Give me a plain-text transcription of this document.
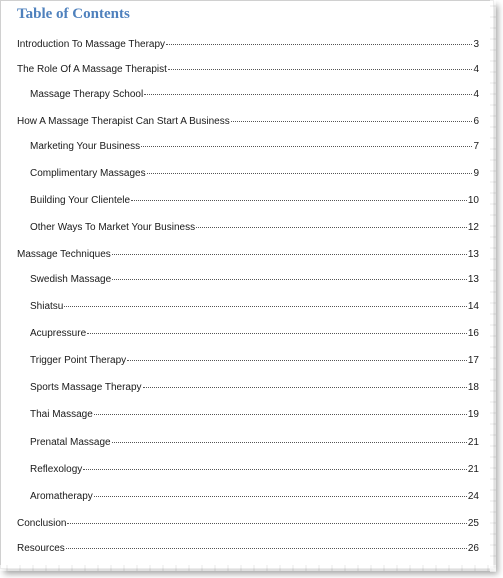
Table of Contents
Introduction To Massage Therapy	3
The Role Of A Massage Therapist	4
Massage Therapy School	4
How A Massage Therapist Can Start A Business	6
Marketing Your Business	7
Complimentary Massages	9
Building Your Clientele	10
Other Ways To Market Your Business	12
Massage Techniques	13
Swedish Massage	13
Shiatsu	14
Acupressure	16
Trigger Point Therapy	17
Sports Massage Therapy	18
Thai Massage	19
Prenatal Massage	21
Reflexology	21
Aromatherapy	24
Conclusion	25
Resources	26
